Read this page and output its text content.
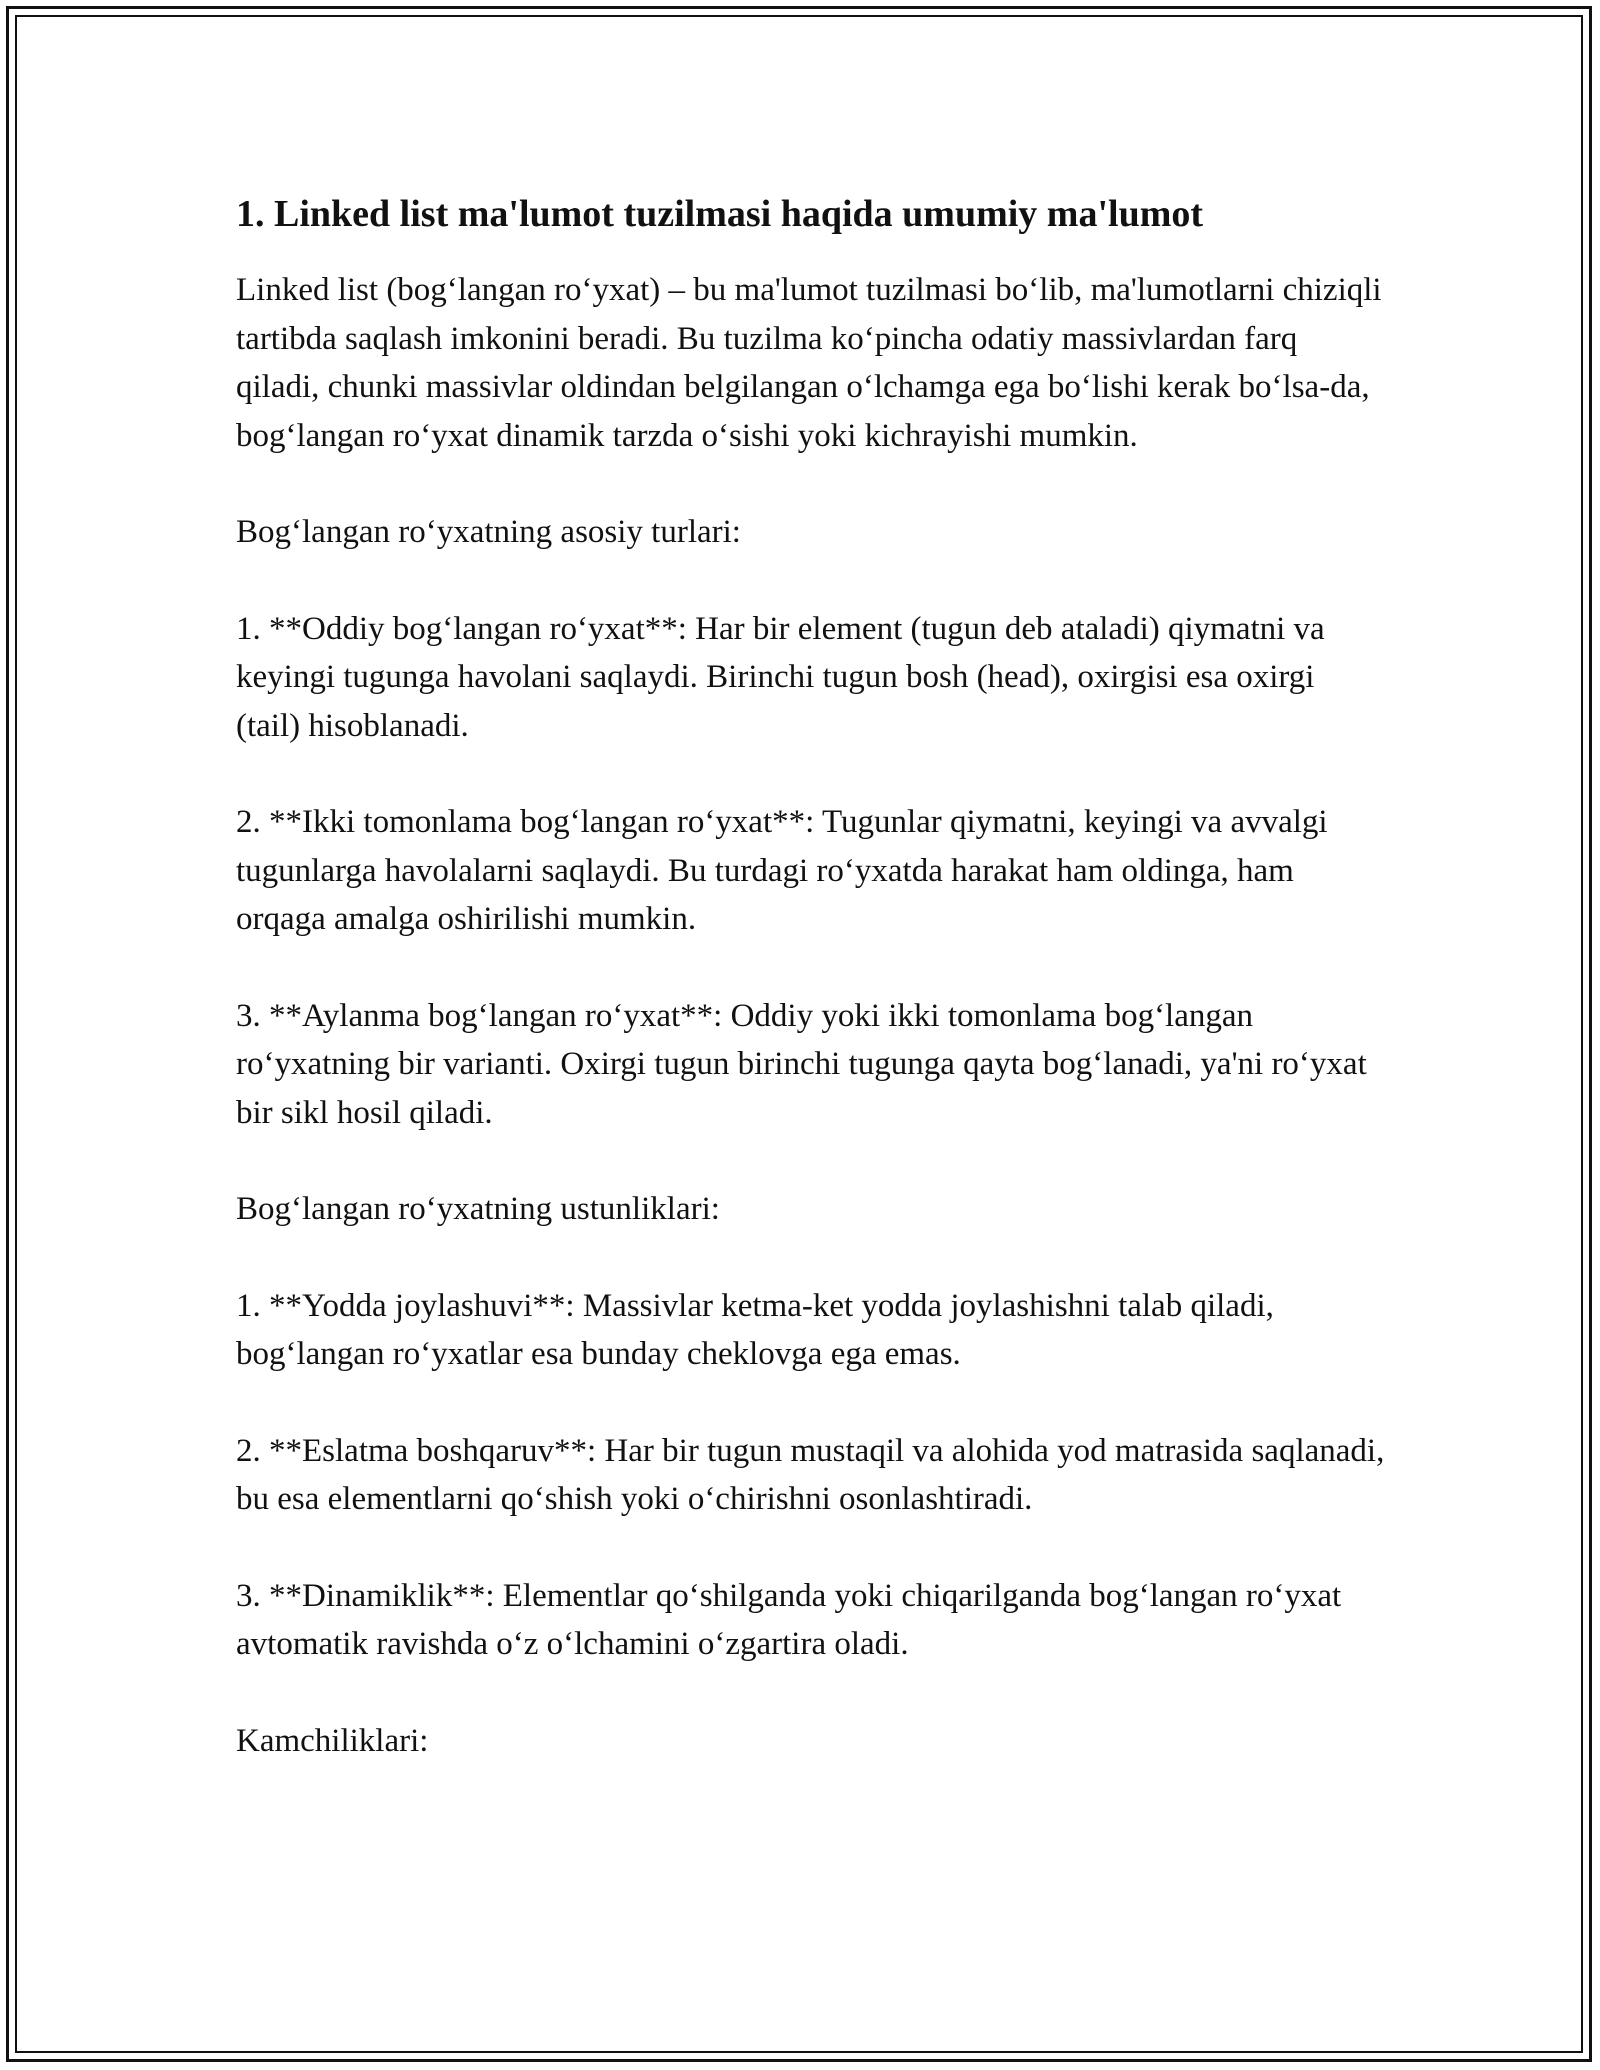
1. Linked list ma'lumot tuzilmasi haqida umumiy ma'lumot

Linked list (bog‘langan ro‘yxat) – bu ma'lumot tuzilmasi bo‘lib, ma'lumotlarni chiziqli tartibda saqlash imkonini beradi. Bu tuzilma ko‘pincha odatiy massivlardan farq qiladi, chunki massivlar oldindan belgilangan o‘lchamga ega bo‘lishi kerak bo‘lsa-da, bog‘langan ro‘yxat dinamik tarzda o‘sishi yoki kichrayishi mumkin.

Bog‘langan ro‘yxatning asosiy turlari:

1. **Oddiy bog‘langan ro‘yxat**: Har bir element (tugun deb ataladi) qiymatni va keyingi tugunga havolani saqlaydi. Birinchi tugun bosh (head), oxirgisi esa oxirgi (tail) hisoblanadi.

2. **Ikki tomonlama bog‘langan ro‘yxat**: Tugunlar qiymatni, keyingi va avvalgi tugunlarga havolalarni saqlaydi. Bu turdagi ro‘yxatda harakat ham oldinga, ham orqaga amalga oshirilishi mumkin.

3. **Aylanma bog‘langan ro‘yxat**: Oddiy yoki ikki tomonlama bog‘langan ro‘yxatning bir varianti. Oxirgi tugun birinchi tugunga qayta bog‘lanadi, ya'ni ro‘yxat bir sikl hosil qiladi.

Bog‘langan ro‘yxatning ustunliklari:

1. **Yodda joylashuvi**: Massivlar ketma-ket yodda joylashishni talab qiladi, bog‘langan ro‘yxatlar esa bunday cheklovga ega emas.

2. **Eslatma boshqaruv**: Har bir tugun mustaqil va alohida yod matrasida saqlanadi, bu esa elementlarni qo‘shish yoki o‘chirishni osonlashtiradi.

3. **Dinamiklik**: Elementlar qo‘shilganda yoki chiqarilganda bog‘langan ro‘yxat avtomatik ravishda o‘z o‘lchamini o‘zgartira oladi.

Kamchiliklari:
